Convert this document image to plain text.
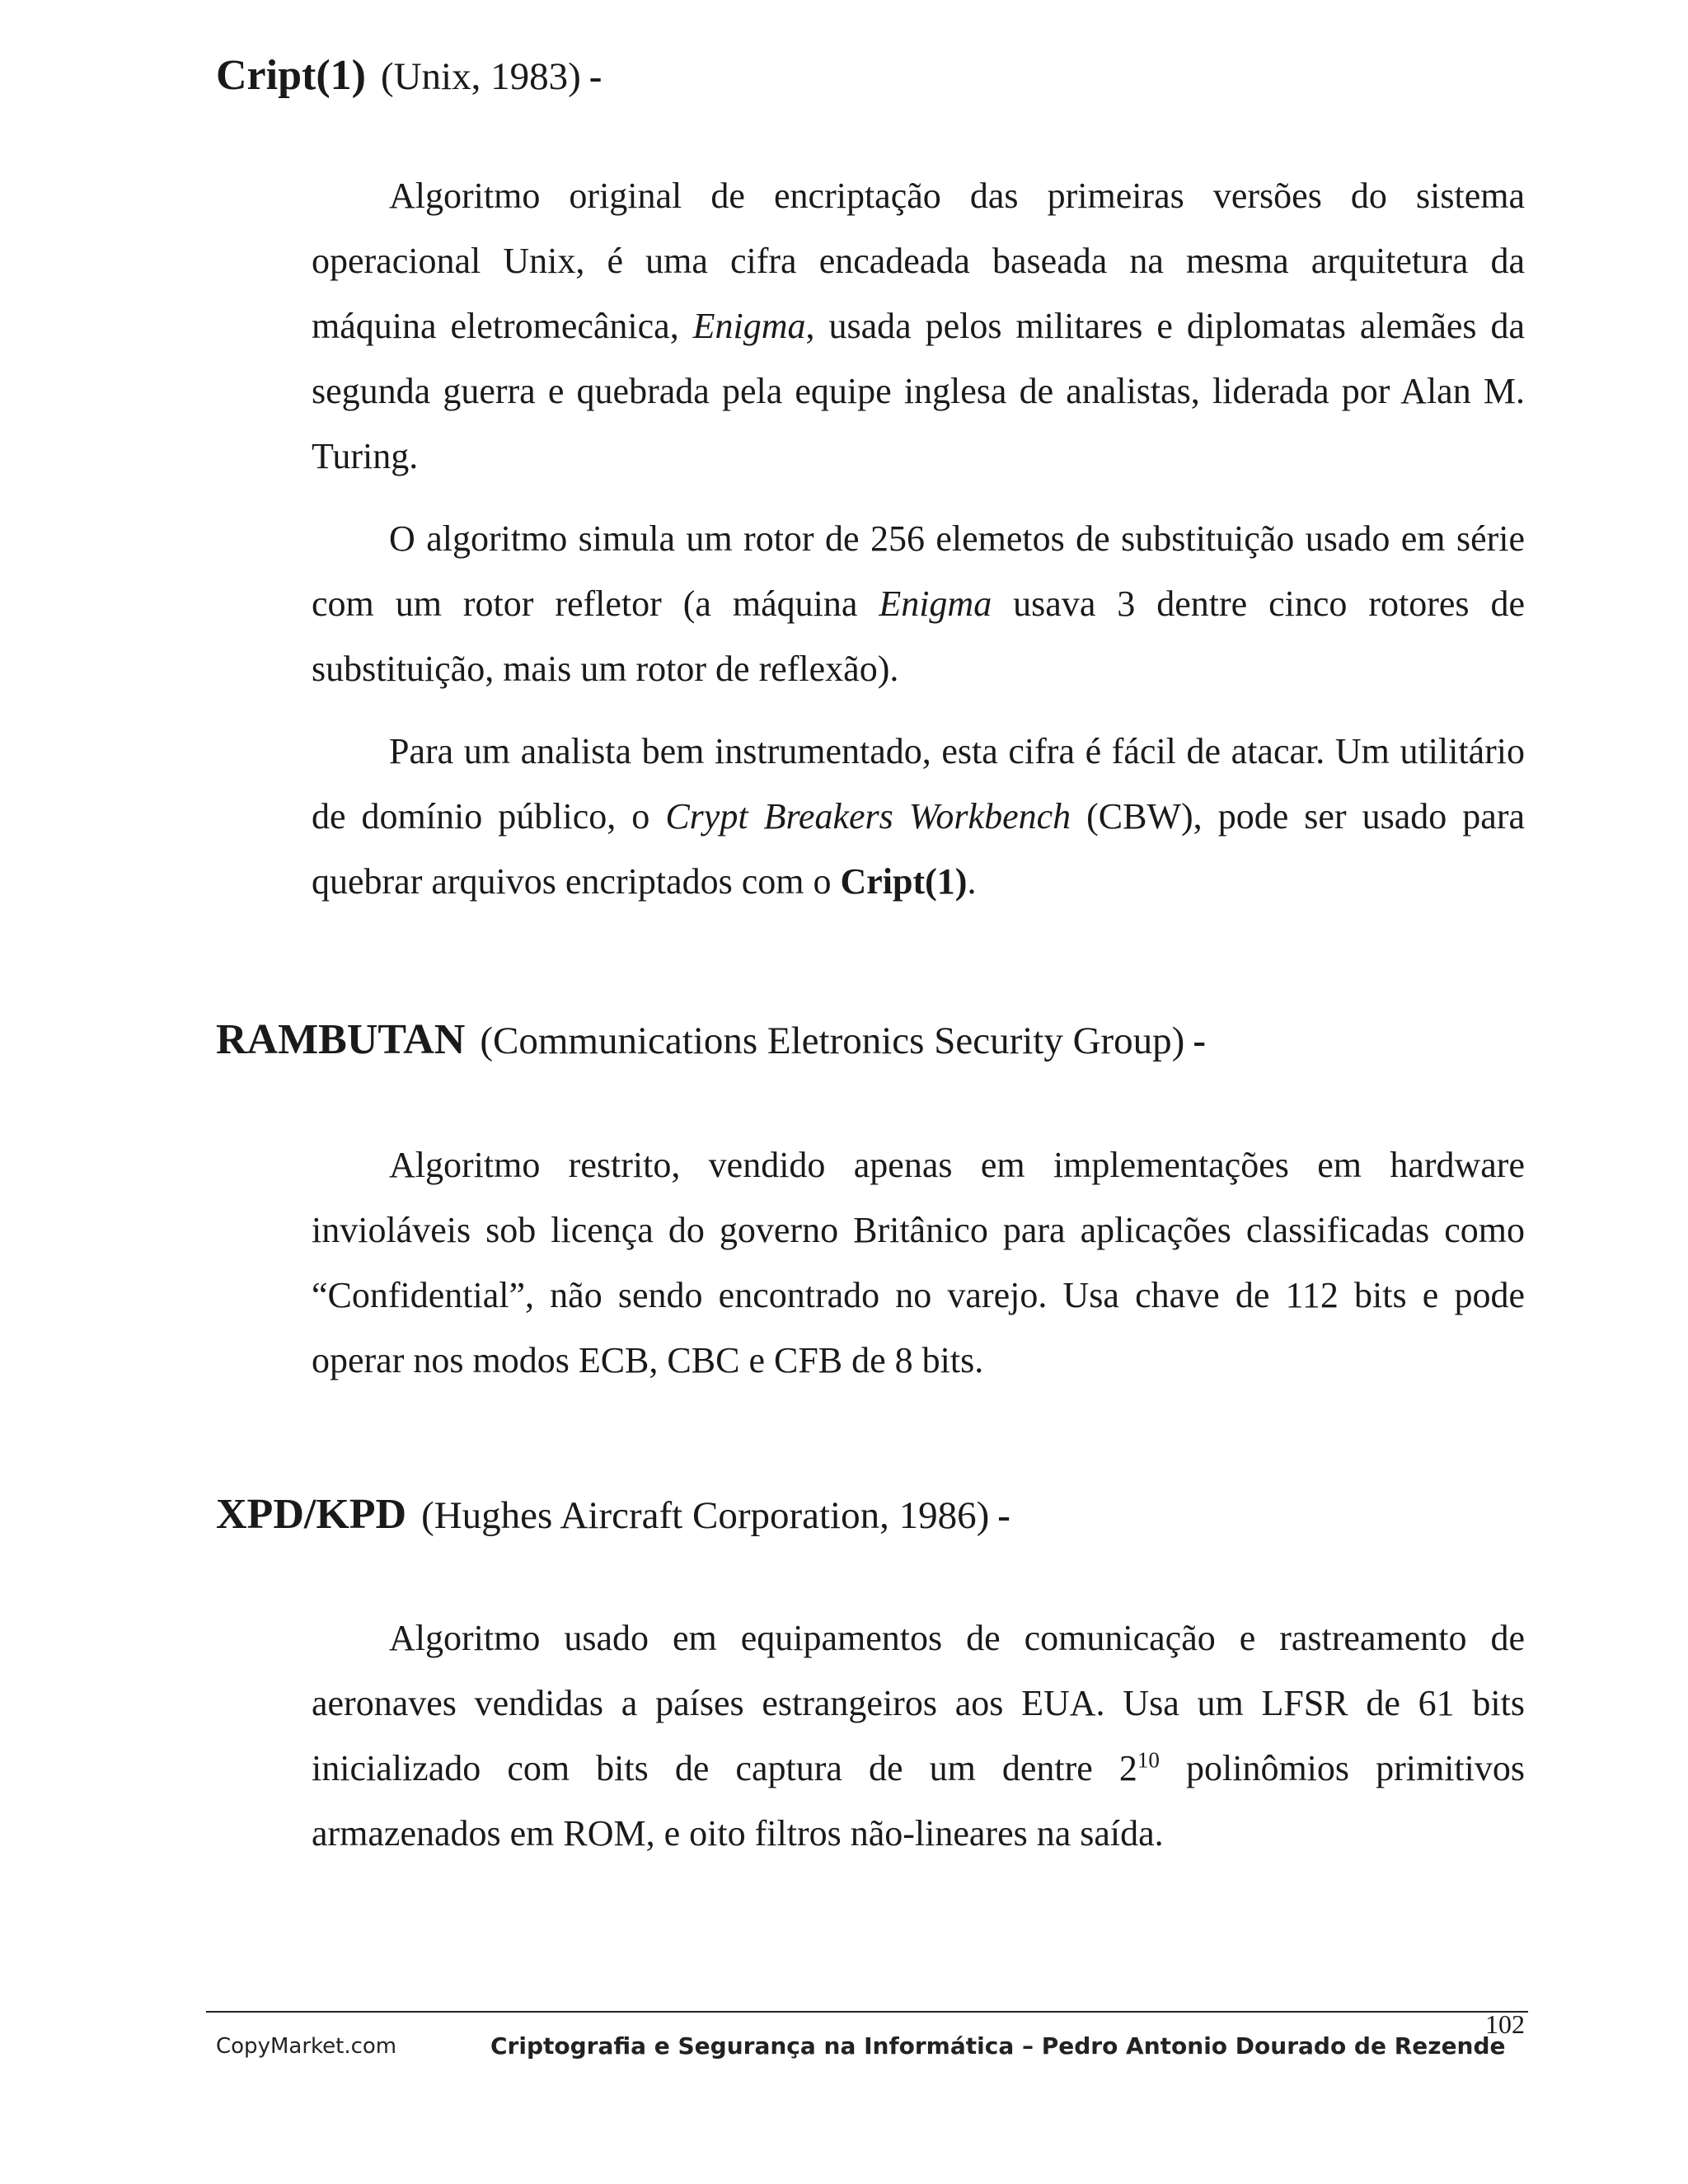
Cript(1) (Unix, 1983) -

Algoritmo original de encriptação das primeiras versões do sistema operacional Unix, é uma cifra encadeada baseada na mesma arquitetura da máquina eletromecânica, Enigma, usada pelos militares e diplomatas alemães da segunda guerra e quebrada pela equipe inglesa de analistas, liderada por Alan M. Turing.

O algoritmo simula um rotor de 256 elemetos de substituição usado em série com um rotor refletor (a máquina Enigma usava 3 dentre cinco rotores de substituição, mais um rotor de reflexão).

Para um analista bem instrumentado, esta cifra é fácil de atacar. Um utilitário de domínio público, o Crypt Breakers Workbench (CBW), pode ser usado para quebrar arquivos encriptados com o Cript(1).

RAMBUTAN (Communications Eletronics Security Group) -

Algoritmo restrito, vendido apenas em implementações em hardware invioláveis sob licença do governo Britânico para aplicações classificadas como “Confidential”, não sendo encontrado no varejo. Usa chave de 112 bits e pode operar nos modos ECB, CBC e CFB de 8 bits.

XPD/KPD (Hughes Aircraft Corporation, 1986) -

Algoritmo usado em equipamentos de comunicação e rastreamento de aeronaves vendidas a países estrangeiros aos EUA. Usa um LFSR de 61 bits inicializado com bits de captura de um dentre $2^{10}$ polinômios primitivos armazenados em ROM, e oito filtros não-lineares na saída.

102
CopyMarket.com	Criptografia e Segurança na Informática – Pedro Antonio Dourado de Rezende
